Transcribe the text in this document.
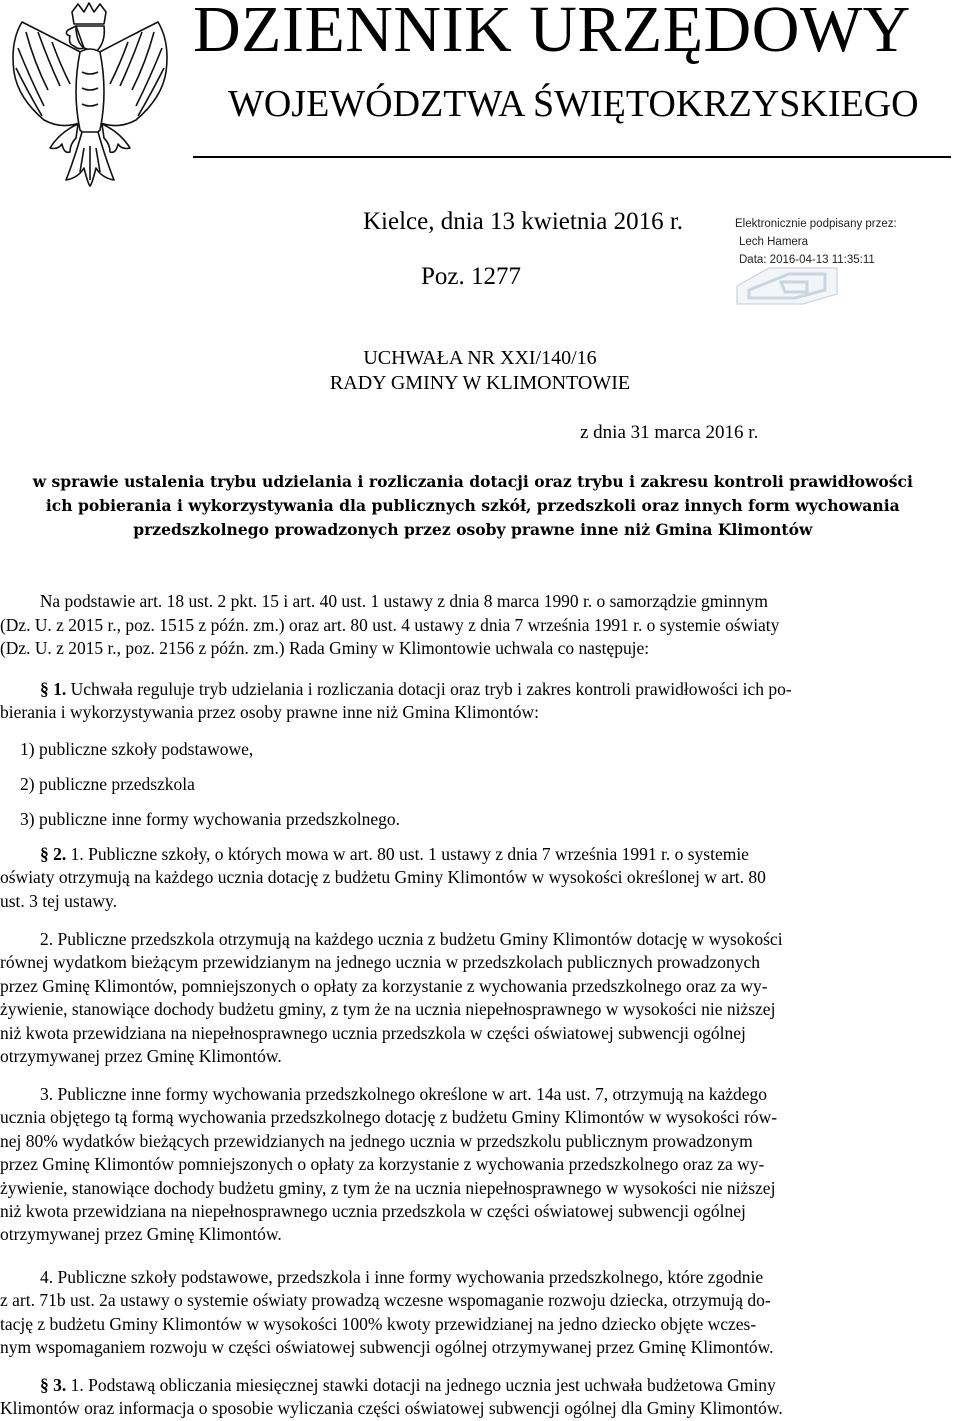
DZIENNIK URZĘDOWY
WOJEWÓDZTWA ŚWIĘTOKRZYSKIEGO
Kielce, dnia 13 kwietnia 2016 r.
Poz. 1277
Elektronicznie podpisany przez:
Lech Hamera
Data: 2016-04-13 11:35:11
UCHWAŁA NR XXI/140/16
RADY GMINY W KLIMONTOWIE
z dnia 31 marca 2016 r.
w sprawie ustalenia trybu udzielania i rozliczania dotacji oraz trybu i zakresu kontroli prawidłowości
ich pobierania i wykorzystywania dla publicznych szkół, przedszkoli oraz innych form wychowania
przedszkolnego prowadzonych przez osoby prawne inne niż Gmina Klimontów
Na podstawie art. 18 ust. 2 pkt. 15 i art. 40 ust. 1 ustawy z dnia 8 marca 1990 r. o samorządzie gminnym
(Dz. U. z 2015 r., poz. 1515 z późn. zm.) oraz art. 80 ust. 4 ustawy z dnia 7 września 1991 r. o systemie oświaty
(Dz. U. z 2015 r., poz. 2156 z późn. zm.) Rada Gminy w Klimontowie uchwala co następuje:
§ 1. Uchwała reguluje tryb udzielania i rozliczania dotacji oraz tryb i zakres kontroli prawidłowości ich po-
bierania i wykorzystywania przez osoby prawne inne niż Gmina Klimontów:
1) publiczne szkoły podstawowe,
2) publiczne przedszkola
3) publiczne inne formy wychowania przedszkolnego.
§ 2. 1. Publiczne szkoły, o których mowa w art. 80 ust. 1 ustawy z dnia 7 września 1991 r. o systemie
oświaty otrzymują na każdego ucznia dotację z budżetu Gminy Klimontów w wysokości określonej w art. 80
ust. 3 tej ustawy.
2. Publiczne przedszkola otrzymują na każdego ucznia z budżetu Gminy Klimontów dotację w wysokości
równej wydatkom bieżącym przewidzianym na jednego ucznia w przedszkolach publicznych prowadzonych
przez Gminę Klimontów, pomniejszonych o opłaty za korzystanie z wychowania przedszkolnego oraz za wy-
żywienie, stanowiące dochody budżetu gminy, z tym że na ucznia niepełnosprawnego w wysokości nie niższej
niż kwota przewidziana na niepełnosprawnego ucznia przedszkola w części oświatowej subwencji ogólnej
otrzymywanej przez Gminę Klimontów.
3. Publiczne inne formy wychowania przedszkolnego określone w art. 14a ust. 7, otrzymują na każdego
ucznia objętego tą formą wychowania przedszkolnego dotację z budżetu Gminy Klimontów w wysokości rów-
nej 80% wydatków bieżących przewidzianych na jednego ucznia w przedszkolu publicznym prowadzonym
przez Gminę Klimontów pomniejszonych o opłaty za korzystanie z wychowania przedszkolnego oraz za wy-
żywienie, stanowiące dochody budżetu gminy, z tym że na ucznia niepełnosprawnego w wysokości nie niższej
niż kwota przewidziana na niepełnosprawnego ucznia przedszkola w części oświatowej subwencji ogólnej
otrzymywanej przez Gminę Klimontów.
4. Publiczne szkoły podstawowe, przedszkola i inne formy wychowania przedszkolnego, które zgodnie
z art. 71b ust. 2a ustawy o systemie oświaty prowadzą wczesne wspomaganie rozwoju dziecka, otrzymują do-
tację z budżetu Gminy Klimontów w wysokości 100% kwoty przewidzianej na jedno dziecko objęte wczes-
nym wspomaganiem rozwoju w części oświatowej subwencji ogólnej otrzymywanej przez Gminę Klimontów.
§ 3. 1. Podstawą obliczania miesięcznej stawki dotacji na jednego ucznia jest uchwała budżetowa Gminy
Klimontów oraz informacja o sposobie wyliczania części oświatowej subwencji ogólnej dla Gminy Klimontów.
